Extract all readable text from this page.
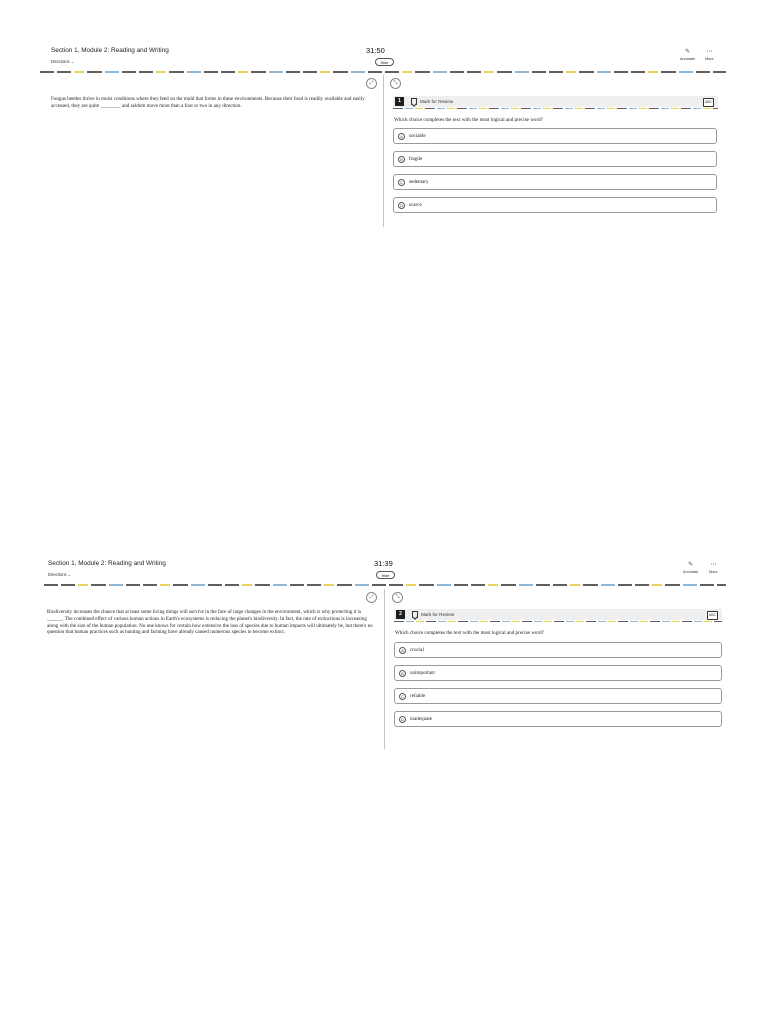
Section 1, Module 2: Reading and Writing
Directions ⌄
31:50
Hide
✎
Annotate
⋯
More
⤢	⤡

Fungus beetles thrive in moist conditions where they feed on the mold that forms in these environments. Because their food is readily available and easily accessed, they are quite ________ and seldom move more than a foot or two in any direction.

1	Mark for Review	ABC

Which choice completes the text with the most logical and precise word?

A	sociable
B	fragile
C	sedentary
D	scarce
Section 1, Module 2: Reading and Writing
Directions ⌄
31:39
Hide
✎
Annotate
⋯
More
⤢	⤡

Biodiversity increases the chance that at least some living things will survive in the face of large changes in the environment, which is why protecting it is ______. The combined effect of various human actions in Earth's ecosystems is reducing the planet's biodiversity. In fact, the rate of extinctions is increasing along with the size of the human population. No one knows for certain how extensive the loss of species due to human impacts will ultimately be, but there's no question that human practices such as hunting and farming have already caused numerous species to become extinct.

2	Mark for Review	ABC

Which choice completes the text with the most logical and precise word?

A	crucial
B	unimportant
C	reliable
D	inadequate
